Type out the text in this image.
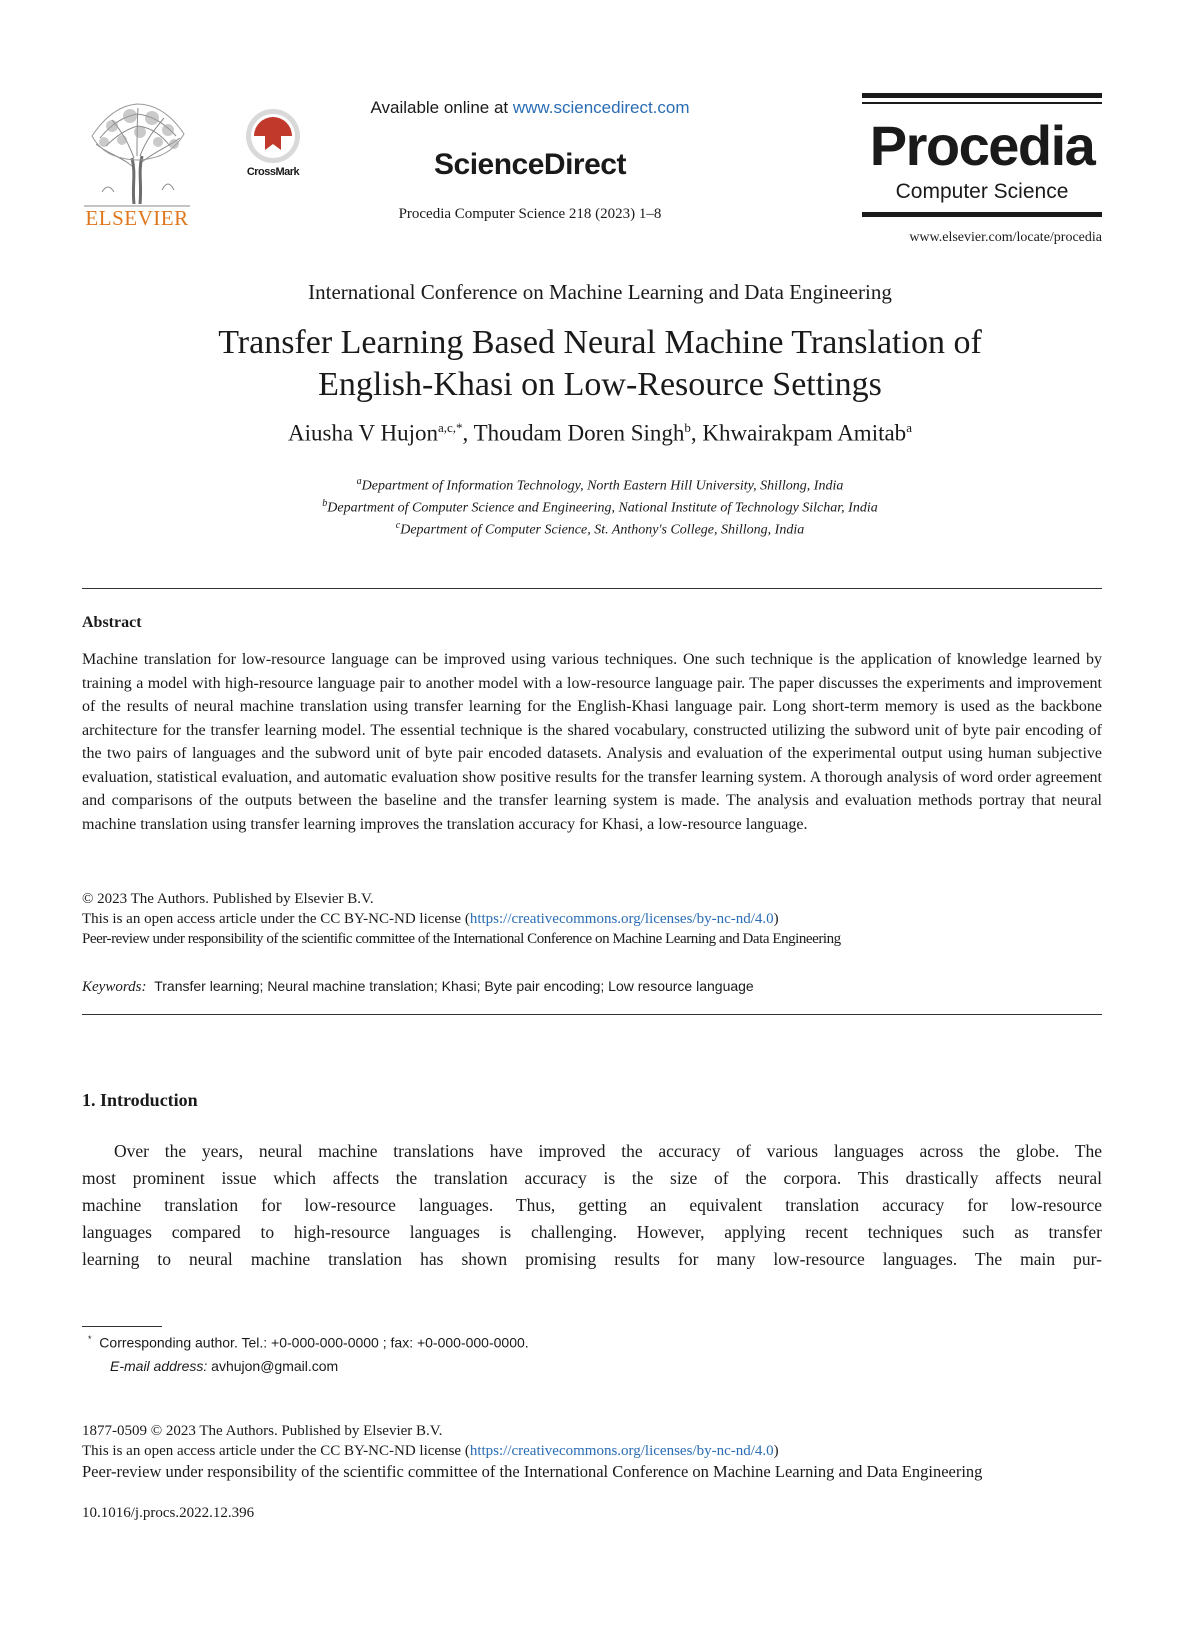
ELSEVIER
CrossMark
Available online at www.sciencedirect.com
ScienceDirect
Procedia Computer Science 218 (2023) 1–8
Procedia
Computer Science
www.elsevier.com/locate/procedia
International Conference on Machine Learning and Data Engineering
Transfer Learning Based Neural Machine Translation of
English-Khasi on Low-Resource Settings
Aiusha V Hujon$^{a,c,*}$, Thoudam Doren Singh$^b$, Khwairakpam Amitab$^a$
$^a$Department of Information Technology, North Eastern Hill University, Shillong, India
$^b$Department of Computer Science and Engineering, National Institute of Technology Silchar, India
$^c$Department of Computer Science, St. Anthony's College, Shillong, India
Abstract
Machine translation for low-resource language can be improved using various techniques. One such technique is the application of knowledge learned by training a model with high-resource language pair to another model with a low-resource language pair. The paper discusses the experiments and improvement of the results of neural machine translation using transfer learning for the English-Khasi language pair. Long short-term memory is used as the backbone architecture for the transfer learning model. The essential technique is the shared vocabulary, constructed utilizing the subword unit of byte pair encoding of the two pairs of languages and the subword unit of byte pair encoded datasets. Analysis and evaluation of the experimental output using human subjective evaluation, statistical evaluation, and automatic evaluation show positive results for the transfer learning system. A thorough analysis of word order agreement and comparisons of the outputs between the baseline and the transfer learning system is made. The analysis and evaluation methods portray that neural machine translation using transfer learning improves the translation accuracy for Khasi, a low-resource language.
© 2023 The Authors. Published by Elsevier B.V.
This is an open access article under the CC BY-NC-ND license (https://creativecommons.org/licenses/by-nc-nd/4.0)
Peer-review under responsibility of the scientific committee of the International Conference on Machine Learning and Data Engineering
Keywords: Transfer learning; Neural machine translation; Khasi; Byte pair encoding; Low resource language
1. Introduction
Over the years, neural machine translations have improved the accuracy of various languages across the globe. The
most prominent issue which affects the translation accuracy is the size of the corpora. This drastically affects neural
machine translation for low-resource languages. Thus, getting an equivalent translation accuracy for low-resource
languages compared to high-resource languages is challenging. However, applying recent techniques such as transfer
learning to neural machine translation has shown promising results for many low-resource languages. The main pur-
* Corresponding author. Tel.: +0-000-000-0000 ; fax: +0-000-000-0000.
E-mail address: avhujon@gmail.com
1877-0509 © 2023 The Authors. Published by Elsevier B.V.
This is an open access article under the CC BY-NC-ND license (https://creativecommons.org/licenses/by-nc-nd/4.0)
Peer-review under responsibility of the scientific committee of the International Conference on Machine Learning and Data Engineering
10.1016/j.procs.2022.12.396
